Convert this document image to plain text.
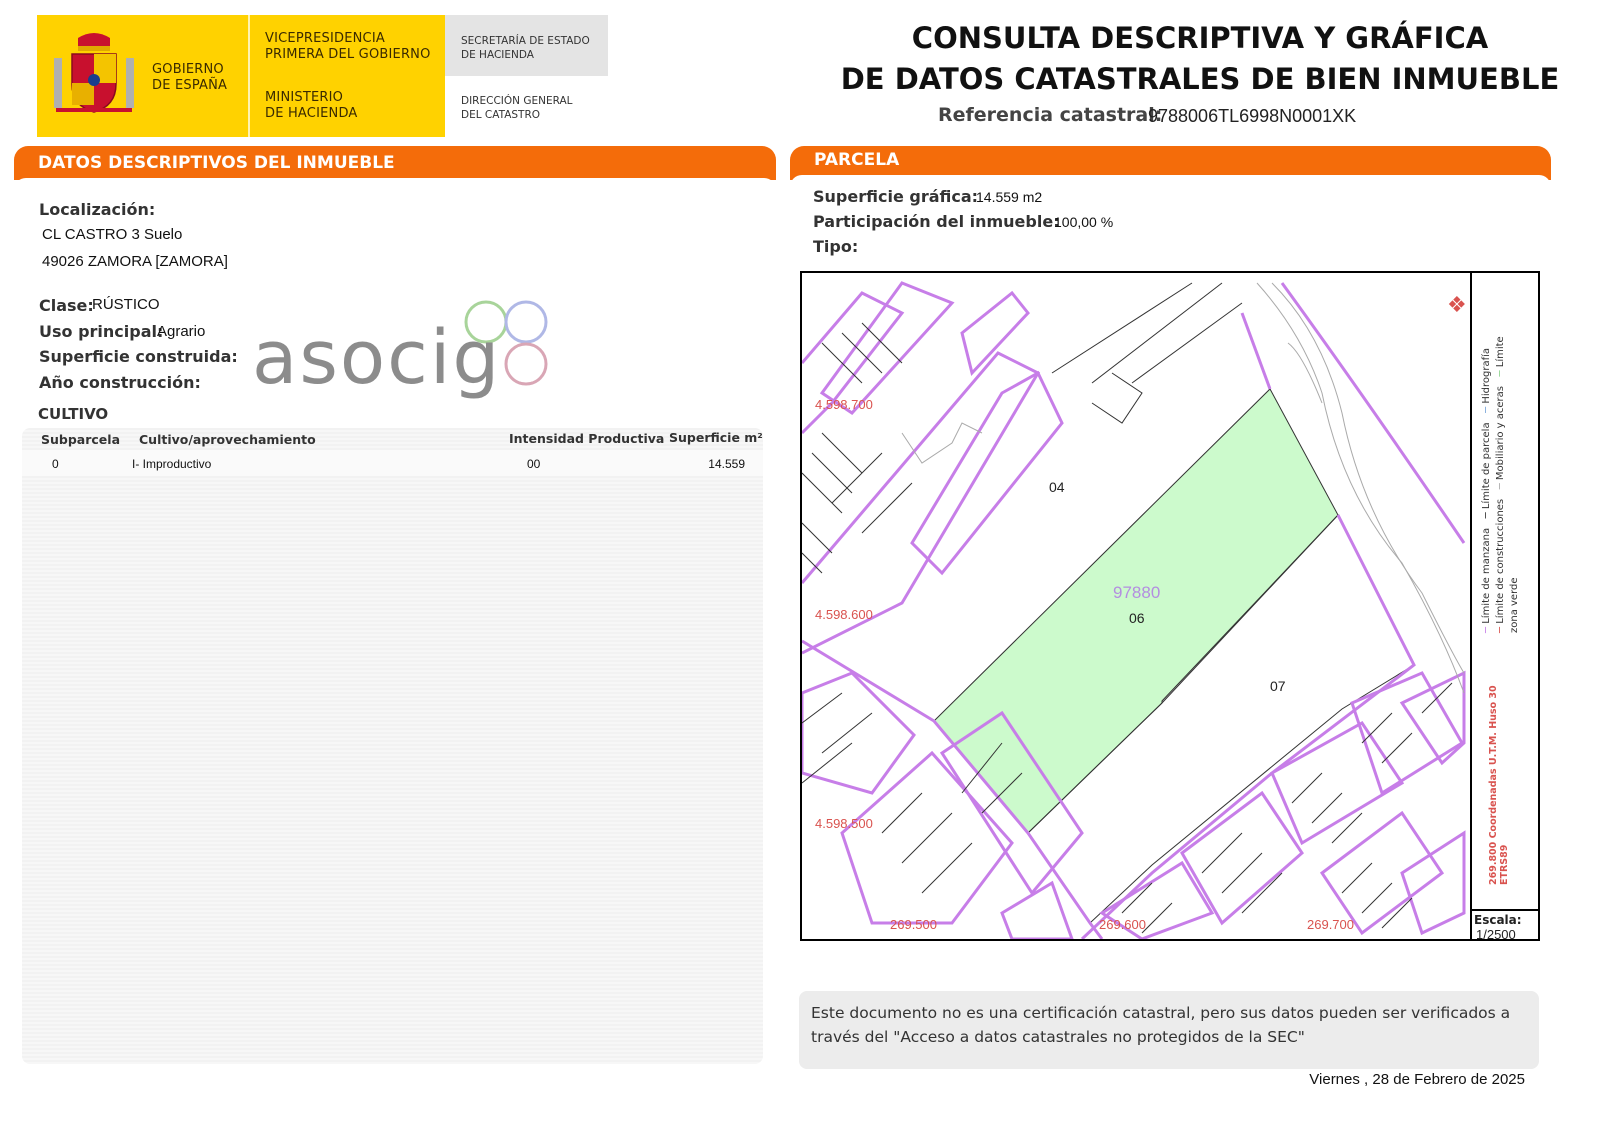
GOBIERNO
DE ESPAÑA
VICEPRESIDENCIA
PRIMERA DEL GOBIERNO
MINISTERIO
DE HACIENDA
SECRETARÍA DE ESTADO
DE HACIENDA
DIRECCIÓN GENERAL
DEL CATASTRO
CONSULTA DESCRIPTIVA Y GRÁFICA
DE DATOS CATASTRALES DE BIEN INMUEBLE
Referencia catastral:
9788006TL6998N0001XK
DATOS DESCRIPTIVOS DEL INMUEBLE
Localización:
CL CASTRO 3 Suelo
49026 ZAMORA [ZAMORA]
Clase:
RÚSTICO
Uso principal:
Agrario
Superficie construida:
Año construcción: asocig
CULTIVO
Subparcela Cultivo/aprovechamiento	Intensidad Productiva Superficie m²
0	I- Improductivo	00	14.559
PARCELA
Superficie gráfica:
14.559 m2
Participación del inmueble:
100,00 %
Tipo:
❖
─ Límite de manzana   ─ Límite de parcela   ─ Hidrografía
─ Límite de construcciones   ─ Mobiliario y aceras   ─ Límite zona verde
269.800 Coordenadas U.T.M. Huso 30 ETRS89
Escala:
1/2500
97880
04
06
07
4.598.700
4.598.600
4.598.500
269.500	269.600	269.700
Este documento no es una certificación catastral, pero sus datos pueden ser verificados a través del "Acceso a datos catastrales no protegidos de la SEC"
Viernes , 28 de Febrero de 2025
